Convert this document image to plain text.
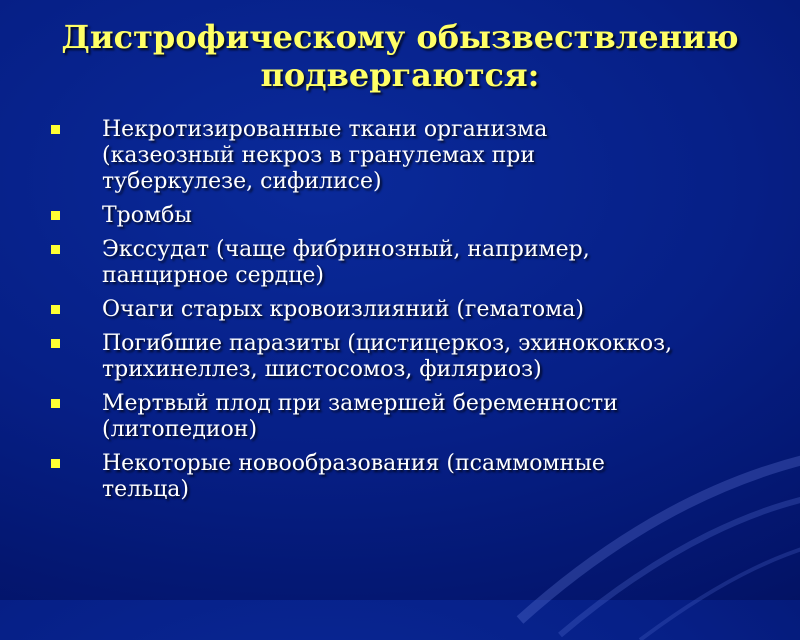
Дистрофическому обызвествлению
подвергаются:
Некротизированные ткани организма
(казеозный некроз в гранулемах при
туберкулезе, сифилисе)
Тромбы
Экссудат (чаще фибринозный, например,
панцирное сердце)
Очаги старых кровоизлияний (гематома)
Погибшие паразиты (цистицеркоз, эхинококкоз,
трихинеллез, шистосомоз, филяриоз)
Мертвый плод при замершей беременности
(литопедион)
Некоторые новообразования (псаммомные
тельца)
